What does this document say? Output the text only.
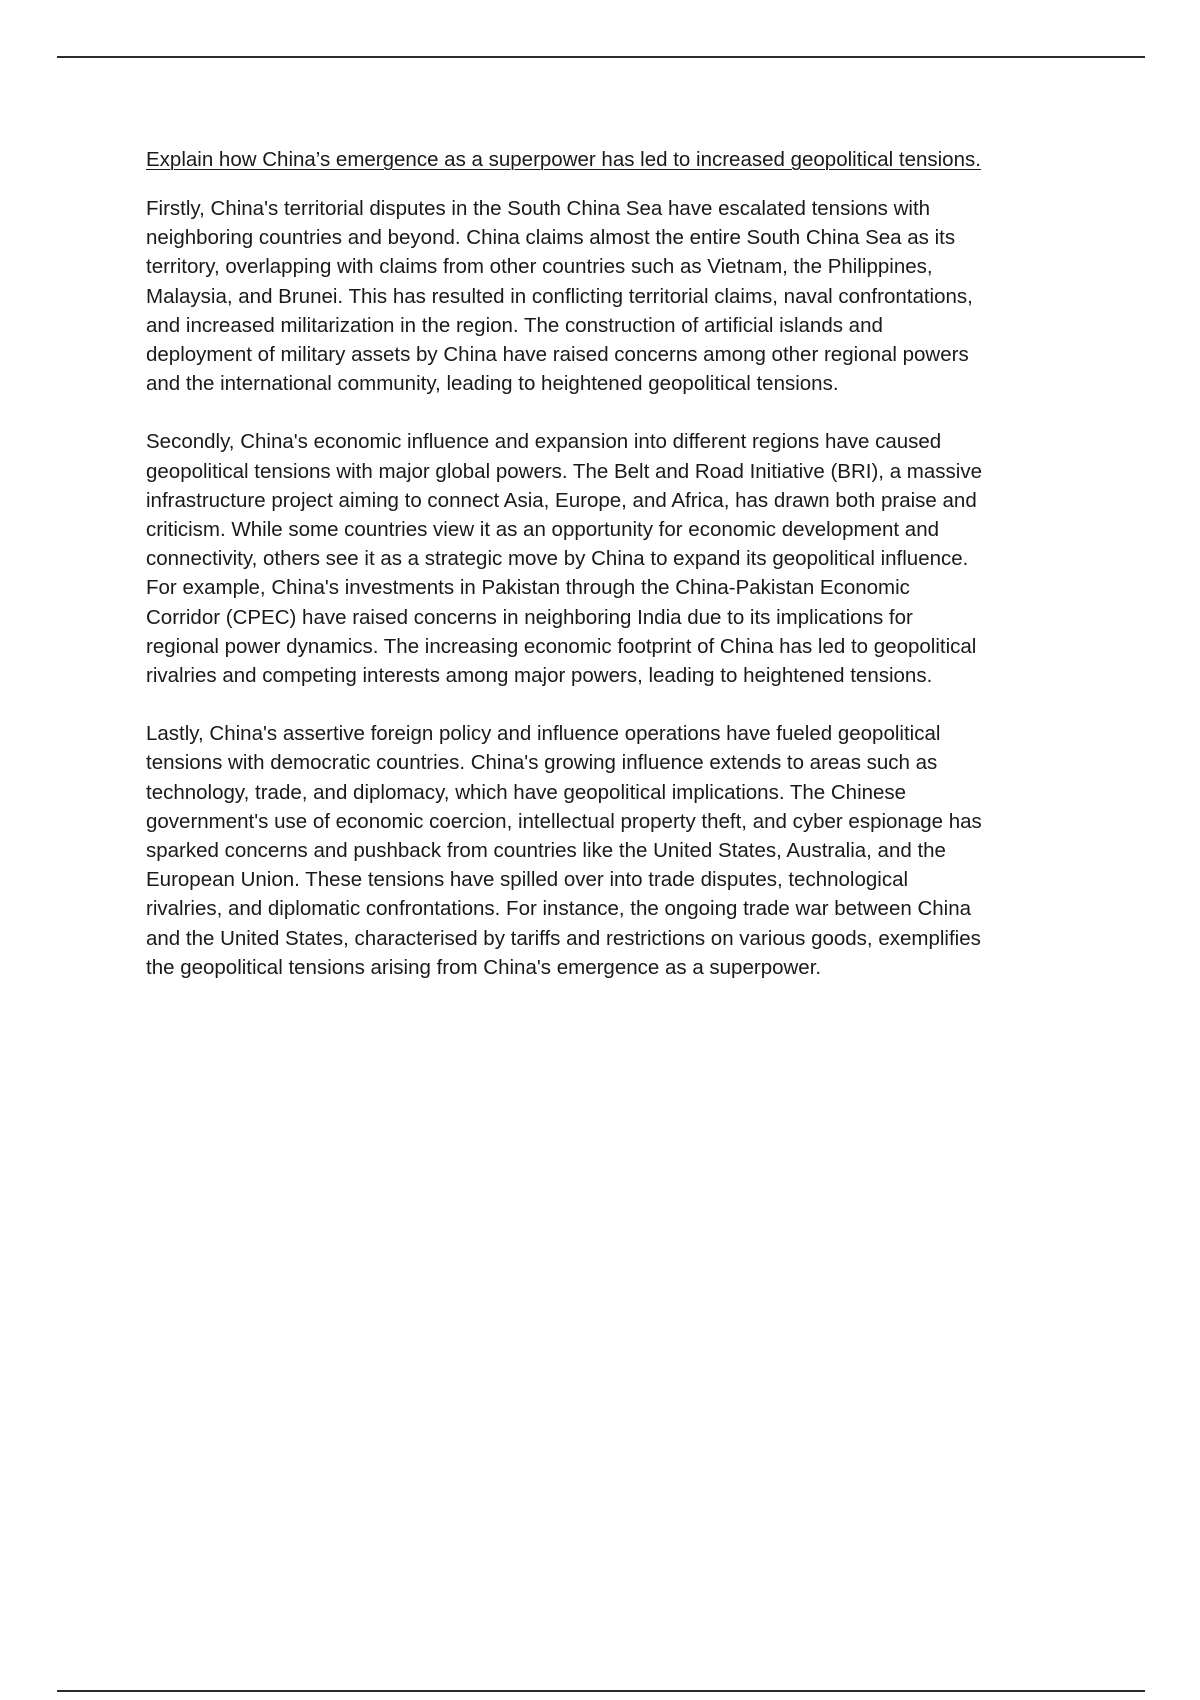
Explain how China’s emergence as a superpower has led to increased geopolitical tensions.
Firstly, China's territorial disputes in the South China Sea have escalated tensions with
neighboring countries and beyond. China claims almost the entire South China Sea as its
territory, overlapping with claims from other countries such as Vietnam, the Philippines,
Malaysia, and Brunei. This has resulted in conflicting territorial claims, naval confrontations,
and increased militarization in the region. The construction of artificial islands and
deployment of military assets by China have raised concerns among other regional powers
and the international community, leading to heightened geopolitical tensions.
Secondly, China's economic influence and expansion into different regions have caused
geopolitical tensions with major global powers. The Belt and Road Initiative (BRI), a massive
infrastructure project aiming to connect Asia, Europe, and Africa, has drawn both praise and
criticism. While some countries view it as an opportunity for economic development and
connectivity, others see it as a strategic move by China to expand its geopolitical influence.
For example, China's investments in Pakistan through the China-Pakistan Economic
Corridor (CPEC) have raised concerns in neighboring India due to its implications for
regional power dynamics. The increasing economic footprint of China has led to geopolitical
rivalries and competing interests among major powers, leading to heightened tensions.
Lastly, China's assertive foreign policy and influence operations have fueled geopolitical
tensions with democratic countries. China's growing influence extends to areas such as
technology, trade, and diplomacy, which have geopolitical implications. The Chinese
government's use of economic coercion, intellectual property theft, and cyber espionage has
sparked concerns and pushback from countries like the United States, Australia, and the
European Union. These tensions have spilled over into trade disputes, technological
rivalries, and diplomatic confrontations. For instance, the ongoing trade war between China
and the United States, characterised by tariffs and restrictions on various goods, exemplifies
the geopolitical tensions arising from China's emergence as a superpower.
